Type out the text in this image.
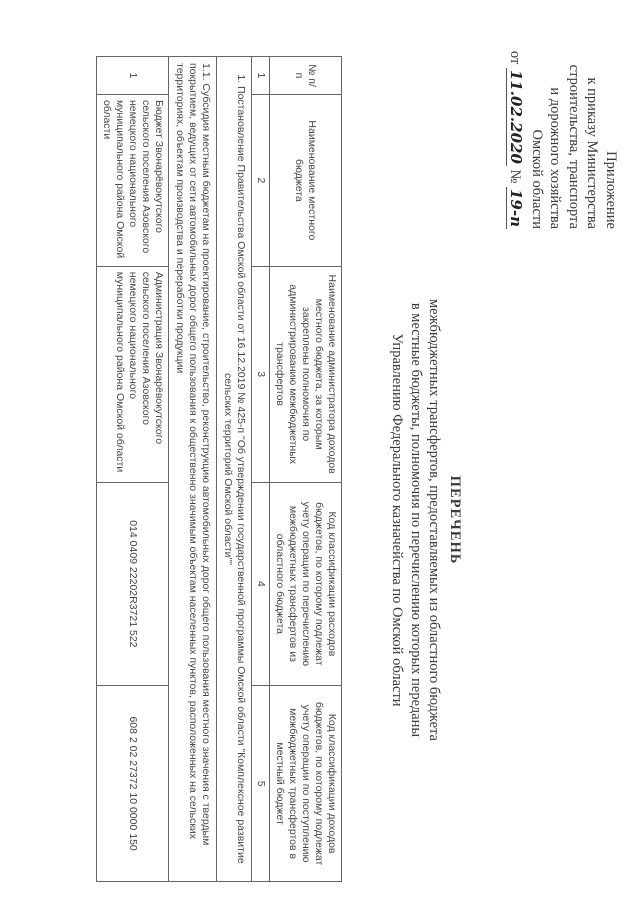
Приложение
к приказу Министерства
строительства, транспорта
и дорожного хозяйства
Омской области
от 11.02.2020 № 19-п
ПЕРЕЧЕНЬ
межбюджетных трансфертов, предоставляемых из областного бюджета
в местные бюджеты, полномочия по перечислению которых переданы
Управлению Федерального казначейства по Омской области
№ п/п	Наименование местного бюджета	Наименование администратора доходов местного бюджета, за которым закреплены полномочия по администрированию межбюджетных трансфертов	Код классификации расходов бюджетов, по которому подлежат учету операции по перечислению межбюджетных трансфертов из областного бюджета	Код классификации доходов бюджетов, по которому подлежат учету операции по поступлению межбюджетных трансфертов в местный бюджет
1	2	3	4	5
1. Постановление Правительства Омской области от 16.12.2019 № 425-п "Об утверждении государственной программы Омской области "Комплексное развитие сельских территорий Омской области""				
1.1. Субсидия местным бюджетам на проектирование, строительство, реконструкцию автомобильных дорог общего пользования местного значения с твердым покрытием, ведущих от сети автомобильных дорог общего пользования к общественно значимым объектам населенных пунктов, расположенных на сельских территориях, объектам производства и переработки продукции				
1	Бюджет Звонарёвокутского сельского поселения Азовского немецкого национального муниципального района Омской области	Администрация Звонарёвокутского сельского поселения Азовского немецкого национального муниципального района Омской области	014 0409 22202R3721 522	608 2 02 27372 10 0000 150
